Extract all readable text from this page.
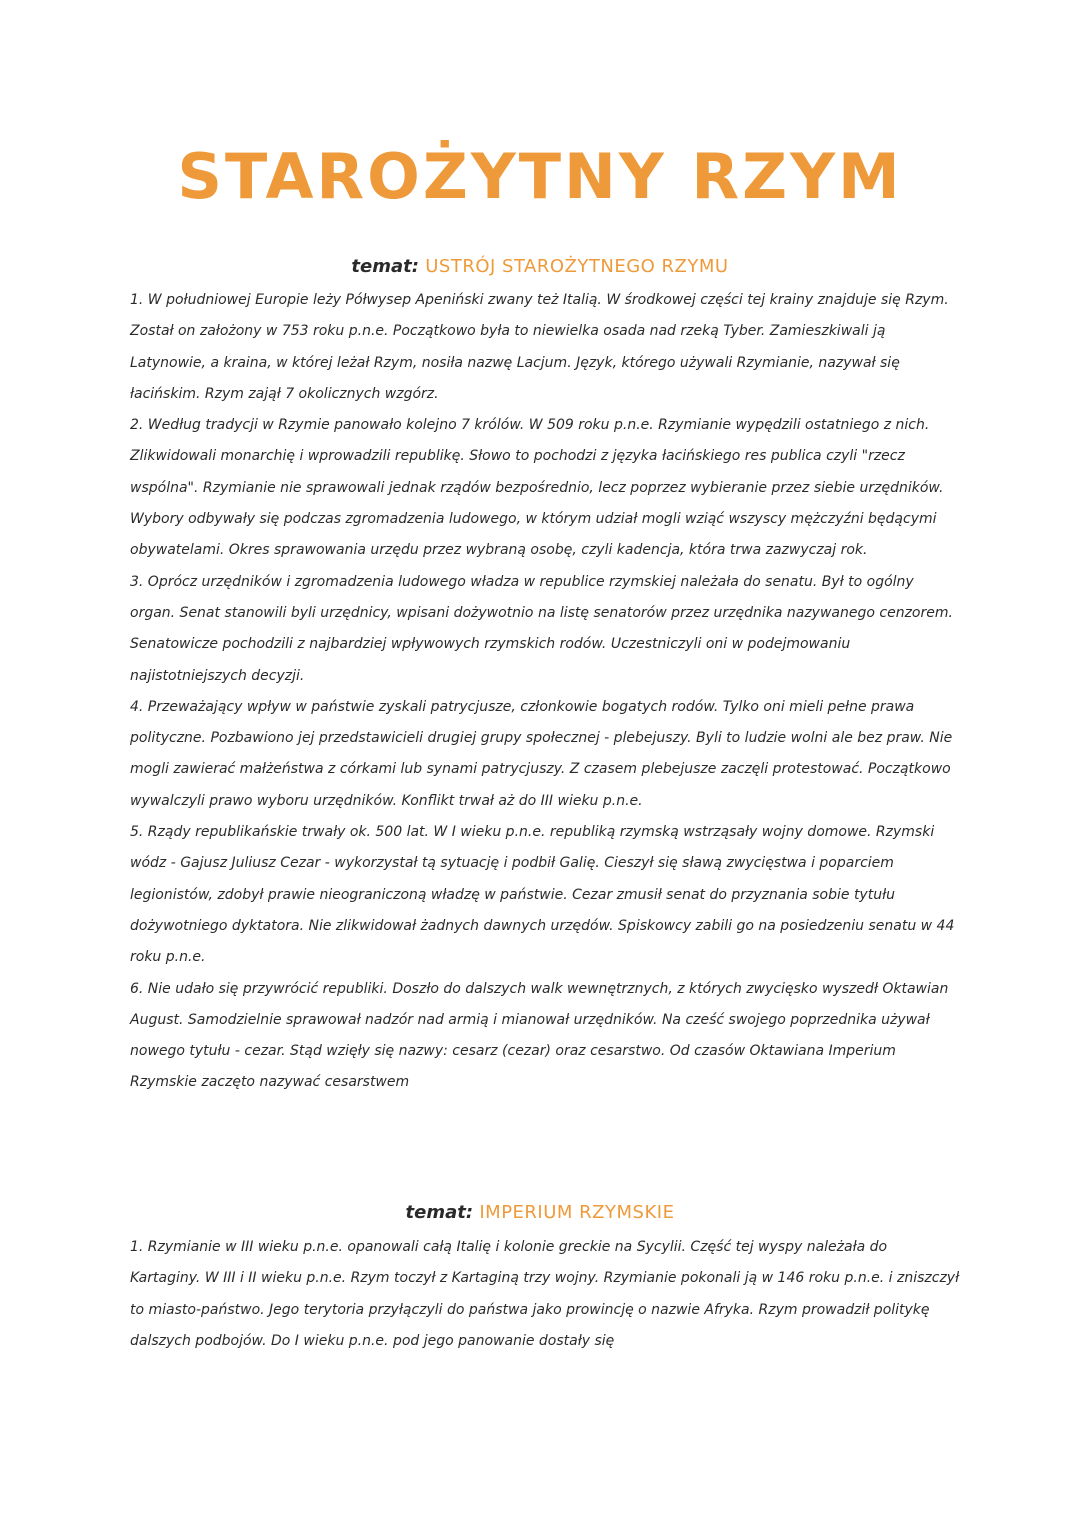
STAROŻYTNY RZYM
temat: USTRÓJ STAROŻYTNEGO RZYMU

1. W południowej Europie leży Półwysep Apeniński zwany też Italią. W środkowej części tej krainy znajduje się Rzym. Został on założony w 753 roku p.n.e. Początkowo była to niewielka osada nad rzeką Tyber. Zamieszkiwali ją Latynowie, a kraina, w której leżał Rzym, nosiła nazwę Lacjum. Język, którego używali Rzymianie, nazywał się łacińskim. Rzym zajął 7 okolicznych wzgórz.

2. Według tradycji w Rzymie panowało kolejno 7 królów. W 509 roku p.n.e. Rzymianie wypędzili ostatniego z nich. Zlikwidowali monarchię i wprowadzili republikę. Słowo to pochodzi z języka łacińskiego res publica czyli "rzecz wspólna". Rzymianie nie sprawowali jednak rządów bezpośrednio, lecz poprzez wybieranie przez siebie urzędników. Wybory odbywały się podczas zgromadzenia ludowego, w którym udział mogli wziąć wszyscy mężczyźni będącymi obywatelami. Okres sprawowania urzędu przez wybraną osobę, czyli kadencja, która trwa zazwyczaj rok.

3. Oprócz urzędników i zgromadzenia ludowego władza w republice rzymskiej należała do senatu. Był to ogólny organ. Senat stanowili byli urzędnicy, wpisani dożywotnio na listę senatorów przez urzędnika nazywanego cenzorem. Senatowicze pochodzili z najbardziej wpływowych rzymskich rodów. Uczestniczyli oni w podejmowaniu najistotniejszych decyzji.

4. Przeważający wpływ w państwie zyskali patrycjusze, członkowie bogatych rodów. Tylko oni mieli pełne prawa polityczne. Pozbawiono jej przedstawicieli drugiej grupy społecznej - plebejuszy. Byli to ludzie wolni ale bez praw. Nie mogli zawierać małżeństwa z córkami lub synami patrycjuszy. Z czasem plebejusze zaczęli protestować. Początkowo wywalczyli prawo wyboru urzędników. Konflikt trwał aż do III wieku p.n.e.

5. Rządy republikańskie trwały ok. 500 lat. W I wieku p.n.e. republiką rzymską wstrząsały wojny domowe. Rzymski wódz - Gajusz Juliusz Cezar - wykorzystał tą sytuację i podbił Galię. Cieszył się sławą zwycięstwa i poparciem legionistów, zdobył prawie nieograniczoną władzę w państwie. Cezar zmusił senat do przyznania sobie tytułu dożywotniego dyktatora. Nie zlikwidował żadnych dawnych urzędów. Spiskowcy zabili go na posiedzeniu senatu w 44 roku p.n.e.

6. Nie udało się przywrócić republiki. Doszło do dalszych walk wewnętrznych, z których zwycięsko wyszedł Oktawian August. Samodzielnie sprawował nadzór nad armią i mianował urzędników. Na cześć swojego poprzednika używał nowego tytułu - cezar. Stąd wzięły się nazwy: cesarz (cezar) oraz cesarstwo. Od czasów Oktawiana Imperium Rzymskie zaczęto nazywać cesarstwem

temat: IMPERIUM RZYMSKIE

1. Rzymianie w III wieku p.n.e. opanowali całą Italię i kolonie greckie na Sycylii. Część tej wyspy należała do Kartaginy. W III i II wieku p.n.e. Rzym toczył z Kartaginą trzy wojny. Rzymianie pokonali ją w 146 roku p.n.e. i zniszczył to miasto-państwo. Jego terytoria przyłączyli do państwa jako prowincję o nazwie Afryka. Rzym prowadził politykę dalszych podbojów. Do I wieku p.n.e. pod jego panowanie dostały się
